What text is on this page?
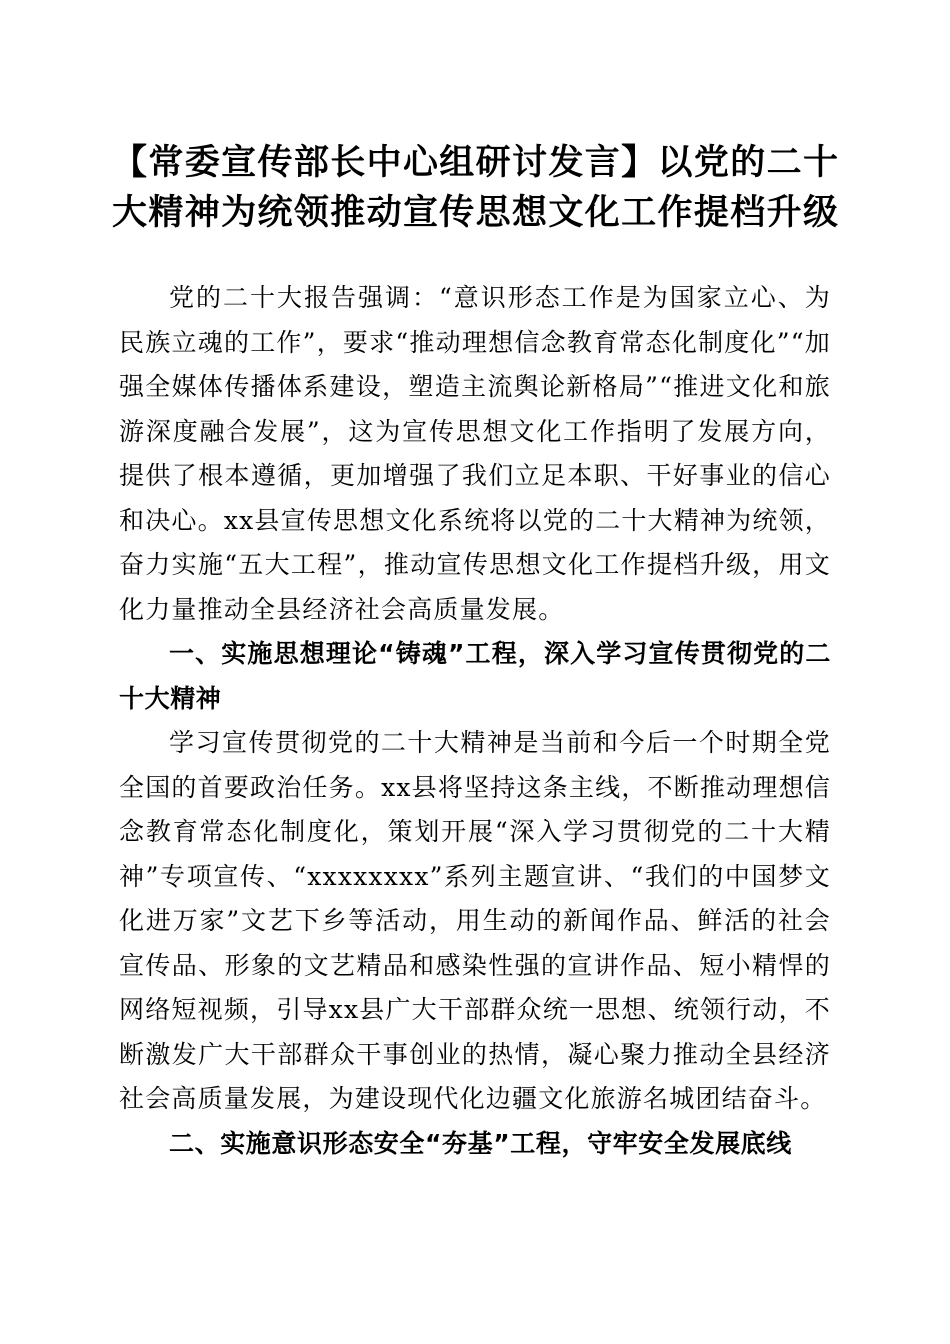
【常委宣传部长中心组研讨发言】以党的二十
大精神为统领推动宣传思想文化工作提档升级

党的二十大报告强调：“意识形态工作是为国家立心、为民族立魂的工作”，要求“推动理想信念教育常态化制度化”“加强全媒体传播体系建设，塑造主流舆论新格局”“推进文化和旅游深度融合发展”，这为宣传思想文化工作指明了发展方向，提供了根本遵循，更加增强了我们立足本职、干好事业的信心和决心。xx县宣传思想文化系统将以党的二十大精神为统领，奋力实施“五大工程”，推动宣传思想文化工作提档升级，用文化力量推动全县经济社会高质量发展。

一、实施思想理论“铸魂”工程，深入学习宣传贯彻党的二十大精神

学习宣传贯彻党的二十大精神是当前和今后一个时期全党全国的首要政治任务。xx县将坚持这条主线，不断推动理想信念教育常态化制度化，策划开展“深入学习贯彻党的二十大精神”专项宣传、“xxxxxxxx”系列主题宣讲、“我们的中国梦文化进万家”文艺下乡等活动，用生动的新闻作品、鲜活的社会宣传品、形象的文艺精品和感染性强的宣讲作品、短小精悍的网络短视频，引导xx县广大干部群众统一思想、统领行动，不断激发广大干部群众干事创业的热情，凝心聚力推动全县经济社会高质量发展，为建设现代化边疆文化旅游名城团结奋斗。

二、实施意识形态安全“夯基”工程，守牢安全发展底线
